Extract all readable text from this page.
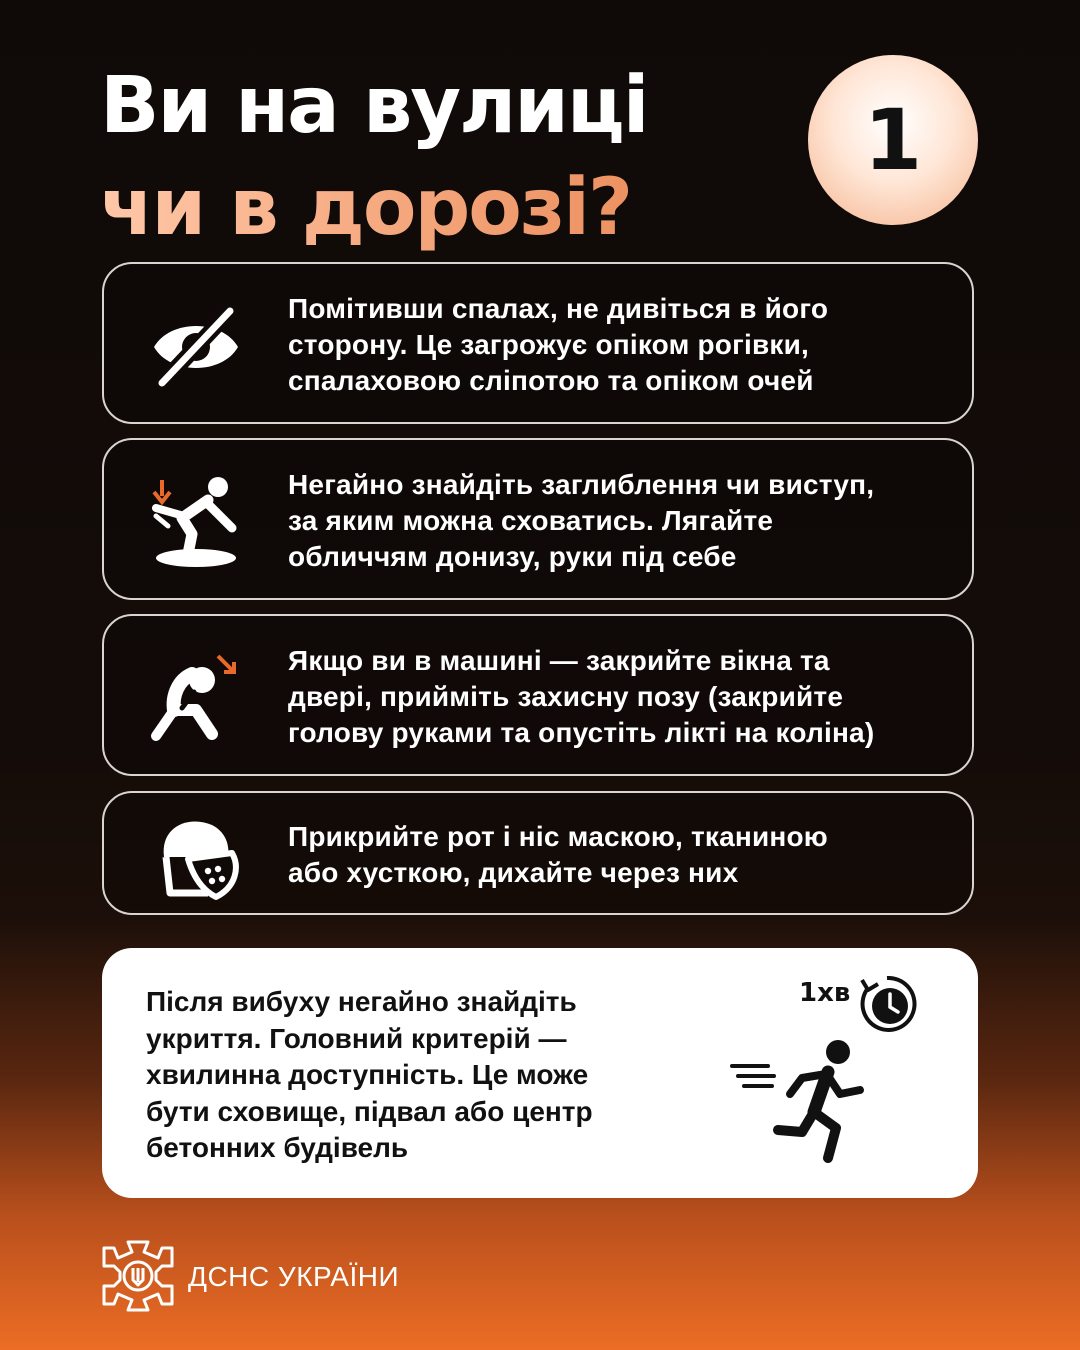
Ви на вулиці
чи в дорозі?
1
Помітивши спалах, не дивіться в його
сторону. Це загрожує опіком рогівки,
спалаховою сліпотою та опіком очей
Негайно знайдіть заглиблення чи виступ,
за яким можна сховатись. Лягайте
обличчям донизу, руки під себе
Якщо ви в машині — закрийте вікна та
двері, прийміть захисну позу (закрийте
голову руками та опустіть лікті на коліна)
Прикрийте рот і ніс маскою, тканиною
або хусткою, дихайте через них
Після вибуху негайно знайдіть
укриття. Головний критерій —
хвилинна доступність. Це може
бути сховище, підвал або центр
бетонних будівель
1хв
ДСНС УКРАЇНИ
